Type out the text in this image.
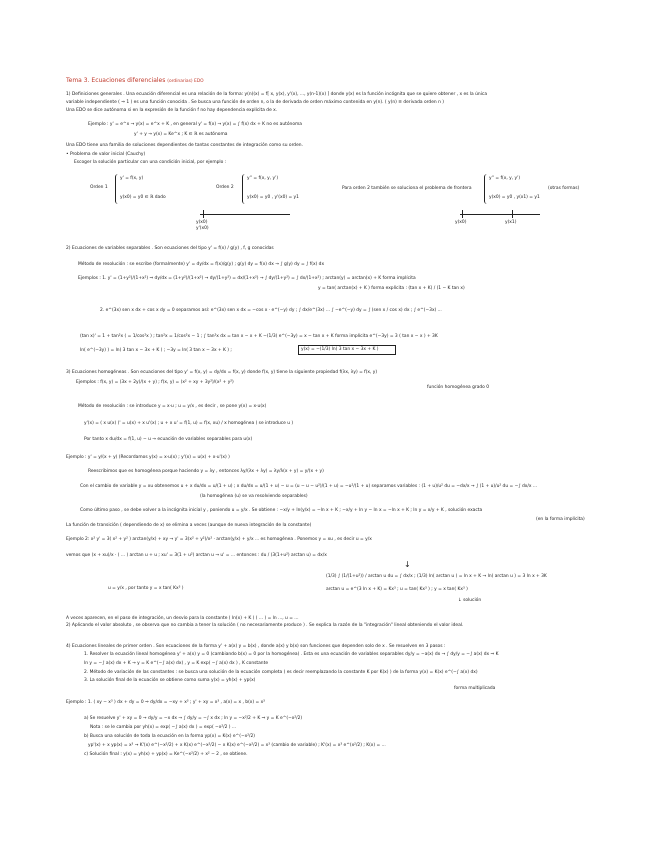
Tema 3. Ecuaciones diferenciales (ordinarias) EDO
1) Definiciones generales . Una ecuación diferencial es una relación de la forma: y(n)(x) = f[ x, y(x), y'(x), ..., y(n-1)(x) ] donde y(x) es la función incógnita que se quiere obtener , x es la única
variable independiente ( ⇒ 1 ) es una función conocida . Se busca una función de orden n, o la de derivada de orden máximo contenida en y(n). ( y(n) ≡ derivada orden n )
Una EDO se dice autónoma si en la expresión de la función f no hay dependencia explícita de x.
Ejemplo : y' = e^x → y(x) = e^x + K , en general y' = f(x) → y(x) = ∫ f(x) dx + K no es autónoma
y' + y → y(x) = Ke^x ; K ∈ ℝ es autónoma
Una EDO tiene una familia de soluciones dependientes de tantas constantes de integración como su orden.
• Problema de valor inicial (Cauchy)
Escoger la solución particular con una condición inicial, por ejemplo :
Orden 1
y' = f(x, y)
y(x0) = y0 ∈ ℝ dado
Orden 2
y'' = f(x, y, y')
y(x0) = y0 , y'(x0) = y1
Para orden 2 también se soluciona el problema de frontera
y'' = f(x, y, y')
y(x0) = y0 , y(x1) = y1
(otras formas)
y(x0)
y'(x0)
y(x0)	y(x1)
2) Ecuaciones de variables separables . Son ecuaciones del tipo y' = f(x) / g(y) , f, g conocidas
Método de resolución : se escribe (formalmente) y' = dy/dx = f(x)/g(y) ; g(y) dy = f(x) dx → ∫ g(y) dy = ∫ f(x) dx
Ejemplos : 1. y' = (1+y²)/(1+x²) ⇒ dy/dx = (1+y²)/(1+x²) → dy/(1+y²) = dx/(1+x²) → ∫ dy/(1+y²) = ∫ dx/(1+x²) ; arctan(y) = arctan(x) + K forma implícita
y = tan( arctan(x) + K ) forma explícita : (tan x + K) / (1 − K tan x)
2. e^(3x) sen x dx + cos x dy = 0 separamos así: e^(3x) sen x dx = −cos x · e^(−y) dy ; ∫ dx/e^(3x) ... ∫ −e^(−y) dy = ∫ (sen x / cos x) dx ; ∫ e^(−3x) ...
(tan x)' = 1 + tan²x ( = 1/cos²x ) ; tan²x = 1/cos²x − 1 ; ∫ tan²x dx = tan x − x + K −(1/3) e^(−3y) = x − tan x + K forma implícita e^(−3y) = 3 ( tan x − x ) + 3K
ln( e^(−3y) ) = ln( 3 tan x − 3x + K ) ; −3y = ln( 3 tan x − 3x + K ) ;	y(x) = −(1/3) ln( 3 tan x − 3x + K )
3) Ecuaciones homogéneas . Son ecuaciones del tipo y' = f(x, y) = dy/dx = f(x, y) donde f(x, y) tiene la siguiente propiedad f(λx, λy) = f(x, y)
Ejemplos : f(x, y) = (3x + 2y)/(x + y) ; f(x, y) = (x² + xy + 3y²)/(x² + y²)
función homogénea grado 0
Método de resolución : se introduce y = x·u ; u = y/x , es decir , se pone y(x) = x·u(x)
y'(x) = ( x u(x) )' = u(x) + x u'(x) ; u + x u' = f(1, u) = f(x, xu) / x homogénea ( se introduce u )
Por tanto x du/dx = f(1, u) − u → ecuación de variables separables para u(x)
Ejemplo : y' = y/(x + y) (Recordamos y(x) = x·u(x) ; y'(x) = u(x) + x·u'(x) )
Reescribimos que es homogénea porque haciendo y = λy , entonces λy/(λx + λy) = λy/λ(x + y) = y/(x + y)
Con el cambio de variable y = xu obtenemos u + x du/dx = u/(1 + u) ; x du/dx = u/(1 + u) − u = (u − u − u²)/(1 + u) = −u²/(1 + u) separamos variables : (1 + u)/u² du = −dx/x → ∫ (1 + u)/u² du = −∫ dx/x ...
(la homogénea (u) se va resolviendo separables)
Como último paso , se debe volver a la incógnita inicial y , poniendo u = y/x . Se obtiene : −x/y + ln(y/x) = −ln x + K ; −x/y + ln y − ln x = −ln x + K ; ln y = x/y + K , solución exacta
(en la forma implícita)
La función de transición ( dependiendo de x) se elimina a veces (aunque de nueva integración de la constante)
Ejemplo 2: x² y' = 3( x² + y² ) arctan(y/x) + xy → y' = 3(x² + y²)/x² · arctan(y/x) + y/x ... es homogénea . Ponemos y = xu , es decir u = y/x
vemos que (x + xu)/x · ( ... ) arctan u + u ; xu' = 3(1 + u²) arctan u → u' = ... entonces : du / (3(1+u²) arctan u) = dx/x
↓
(1/3) ∫ (1/(1+u²)) / arctan u du = ∫ dx/x ; (1/3) ln( arctan u ) = ln x + K → ln( arctan u ) = 3 ln x + 3K
arctan u = e^(3 ln x + K) = Kx³ ; u = tan( Kx³ ) ; y = x tan( Kx³ )
↓ solución
u = y/x , por tanto y = x tan( Kx³ )
A veces aparecen, en el paso de integración, un desvío para la constante ( ln(x) + K ) ( ... ) = ln ..., u = ...
2) Aplicando el valor absoluto , se observa que no cambia a tener la solución ( no necesariamente produce ) . Se explica la razón de la "integración" lineal obteniendo el valor ideal.
4) Ecuaciones lineales de primer orden . Son ecuaciones de la forma y' + a(x) y = b(x) , donde a(x) y b(x) son funciones que dependen solo de x . Se resuelven en 3 pasos :
1. Resolver la ecuación lineal homogénea y' + a(x) y = 0 (cambiando b(x) = 0 por la homogénea) . Esta es una ecuación de variables separables dy/y = −a(x) dx → ∫ dy/y = −∫ a(x) dx ⇒ K
ln y = −∫ a(x) dx + K → y = K e^(−∫ a(x) dx) , y = K exp( −∫ a(x) dx ) , K constante
2. Método de variación de las constantes : se busca una solución de la ecuación completa ( es decir reemplazando la constante K por K(x) ) de la forma y(x) = K(x) e^(−∫ a(x) dx)
3. La solución final de la ecuación se obtiene como suma y(x) = yh(x) + yp(x)
forma multiplicada
Ejemplo : 1. ( xy − x³ ) dx + dy = 0 ⇒ dy/dx = −xy + x³ ; y' + xy = x³ , a(x) = x , b(x) = x³
a) Se resuelve y' + xy = 0 → dy/y = −x dx → ∫ dy/y = −∫ x dx ; ln y = −x²/2 + K ⇒ y = K e^(−x²/2)
Nota : se le cambia por yh(x) = exp( −∫ a(x) dx ) = exp( −x²/2 ) ...
b) Busca una solución de toda la ecuación en la forma yp(x) = K(x) e^(−x²/2)
yp'(x) + x yp(x) = x³ → K'(x) e^(−x²/2) + x K(x) e^(−x²/2) − x K(x) e^(−x²/2) = x³ (cambio de variable) ; K'(x) = x³ e^(x²/2) ; K(x) = ...
c) Solución final : y(x) = yh(x) + yp(x) = Ke^(−x²/2) + x² − 2 , se obtiene.
